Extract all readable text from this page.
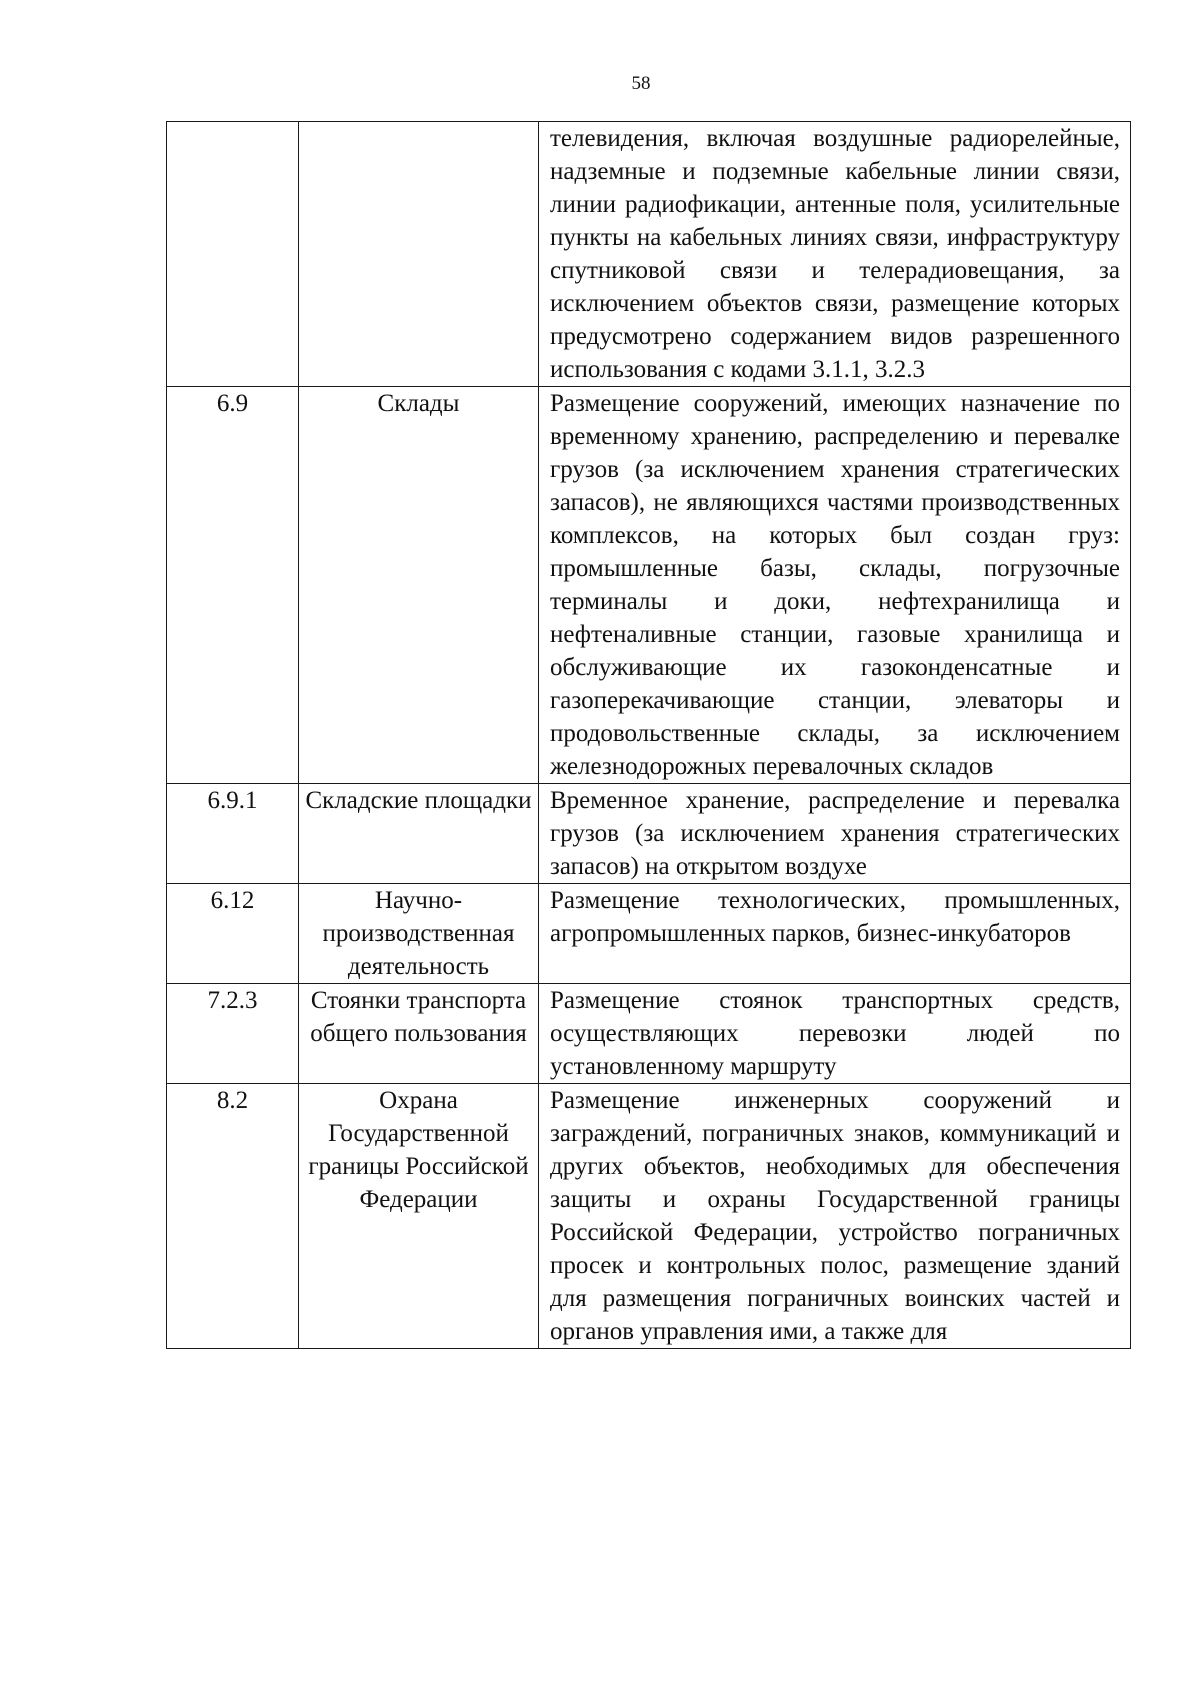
58
		телевидения, включая воздушные радиорелейные, надземные и подземные кабельные линии связи, линии радиофикации, антенные поля, усилительные пункты на кабельных линиях связи, инфраструктуру спутниковой связи и телерадиовещания, за исключением объектов связи, размещение которых предусмотрено содержанием видов разрешенного использования с кодами 3.1.1, 3.2.3
6.9	Склады	Размещение сооружений, имеющих назначение по временному хранению, распределению и перевалке грузов (за исключением хранения стратегических запасов), не являющихся частями производственных комплексов, на которых был создан груз: промышленные базы, склады, погрузочные терминалы и доки, нефтехранилища и нефтеналивные станции, газовые хранилища и обслуживающие их газоконденсатные и газоперекачивающие станции, элеваторы и продовольственные склады, за исключением железнодорожных перевалочных складов
6.9.1	Складские площадки	Временное хранение, распределение и перевалка грузов (за исключением хранения стратегических запасов) на открытом воздухе
6.12	Научно-производственная деятельность	Размещение технологических, промышленных, агропромышленных парков, бизнес-инкубаторов
7.2.3	Стоянки транспорта общего пользования	Размещение стоянок транспортных средств, осуществляющих перевозки людей по установленному маршруту
8.2	Охрана Государственной границы Российской Федерации	Размещение инженерных сооружений и заграждений, пограничных знаков, коммуникаций и других объектов, необходимых для обеспечения защиты и охраны Государственной границы Российской Федерации, устройство пограничных просек и контрольных полос, размещение зданий для размещения пограничных воинских частей и органов управления ими, а также для
